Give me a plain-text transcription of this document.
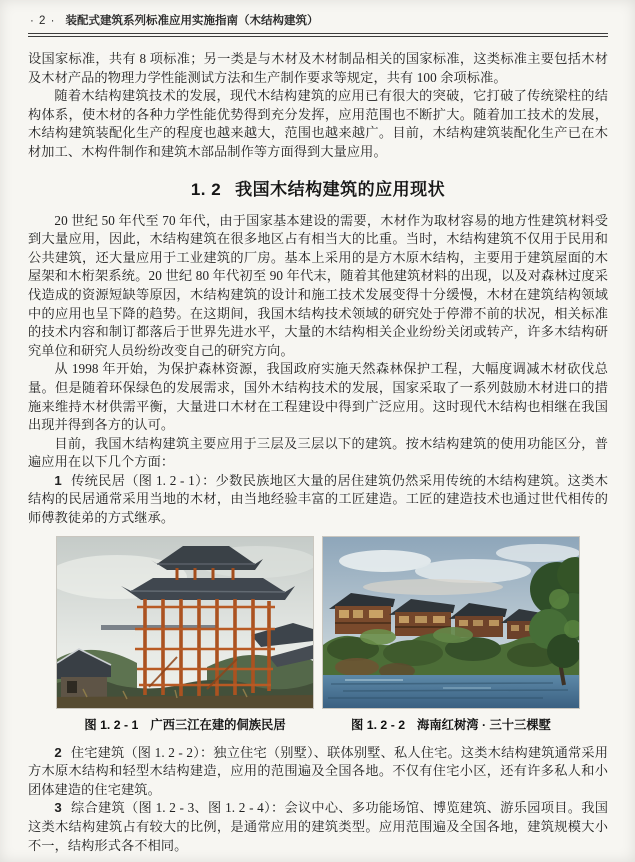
· 2 · 装配式建筑系列标准应用实施指南（木结构建筑）

设国家标准，共有 8 项标准；另一类是与木材及木材制品相关的国家标准，这类标准主要包括木材及木材产品的物理力学性能测试方法和生产制作要求等规定，共有 100 余项标准。

随着木结构建筑技术的发展，现代木结构建筑的应用已有很大的突破，它打破了传统梁柱的结构体系，使木材的各种力学性能优势得到充分发挥，应用范围也不断扩大。随着加工技术的发展，木结构建筑装配化生产的程度也越来越大，范围也越来越广。目前，木结构建筑装配化生产已在木材加工、木构件制作和建筑木部品制作等方面得到大量应用。

1. 2 我国木结构建筑的应用现状

20 世纪 50 年代至 70 年代，由于国家基本建设的需要，木材作为取材容易的地方性建筑材料受到大量应用，因此，木结构建筑在很多地区占有相当大的比重。当时，木结构建筑不仅用于民用和公共建筑，还大量应用于工业建筑的厂房。基本上采用的是方木原木结构，主要用于建筑屋面的木屋架和木桁架系统。20 世纪 80 年代初至 90 年代末，随着其他建筑材料的出现，以及对森林过度采伐造成的资源短缺等原因，木结构建筑的设计和施工技术发展变得十分缓慢，木材在建筑结构领域中的应用也呈下降的趋势。在这期间，我国木结构技术领域的研究处于停滞不前的状况，相关标准的技术内容和制订都落后于世界先进水平，大量的木结构相关企业纷纷关闭或转产，许多木结构研究单位和研究人员纷纷改变自己的研究方向。

从 1998 年开始，为保护森林资源，我国政府实施天然森林保护工程，大幅度调减木材砍伐总量。但是随着环保绿色的发展需求，国外木结构技术的发展，国家采取了一系列鼓励木材进口的措施来维持木材供需平衡，大量进口木材在工程建设中得到广泛应用。这时现代木结构也相继在我国出现并得到各方的认可。

目前，我国木结构建筑主要应用于三层及三层以下的建筑。按木结构建筑的使用功能区分，普遍应用在以下几个方面：

1 传统民居（图 1. 2 - 1）：少数民族地区大量的居住建筑仍然采用传统的木结构建筑。这类木结构的民居通常采用当地的木材，由当地经验丰富的工匠建造。工匠的建造技术也通过世代相传的师傅教徒弟的方式继承。

图 1. 2 - 1 广西三江在建的侗族民居	图 1. 2 - 2 海南红树湾 · 三十三棵墅

2 住宅建筑（图 1. 2 - 2）：独立住宅（别墅）、联体别墅、私人住宅。这类木结构建筑通常采用方木原木结构和轻型木结构建造，应用的范围遍及全国各地。不仅有住宅小区，还有许多私人和小团体建造的住宅建筑。

3 综合建筑（图 1. 2 - 3、图 1. 2 - 4）：会议中心、多功能场馆、博览建筑、游乐园项目。我国这类木结构建筑占有较大的比例，是通常应用的建筑类型。应用范围遍及全国各地，建筑规模大小不一，结构形式各不相同。
